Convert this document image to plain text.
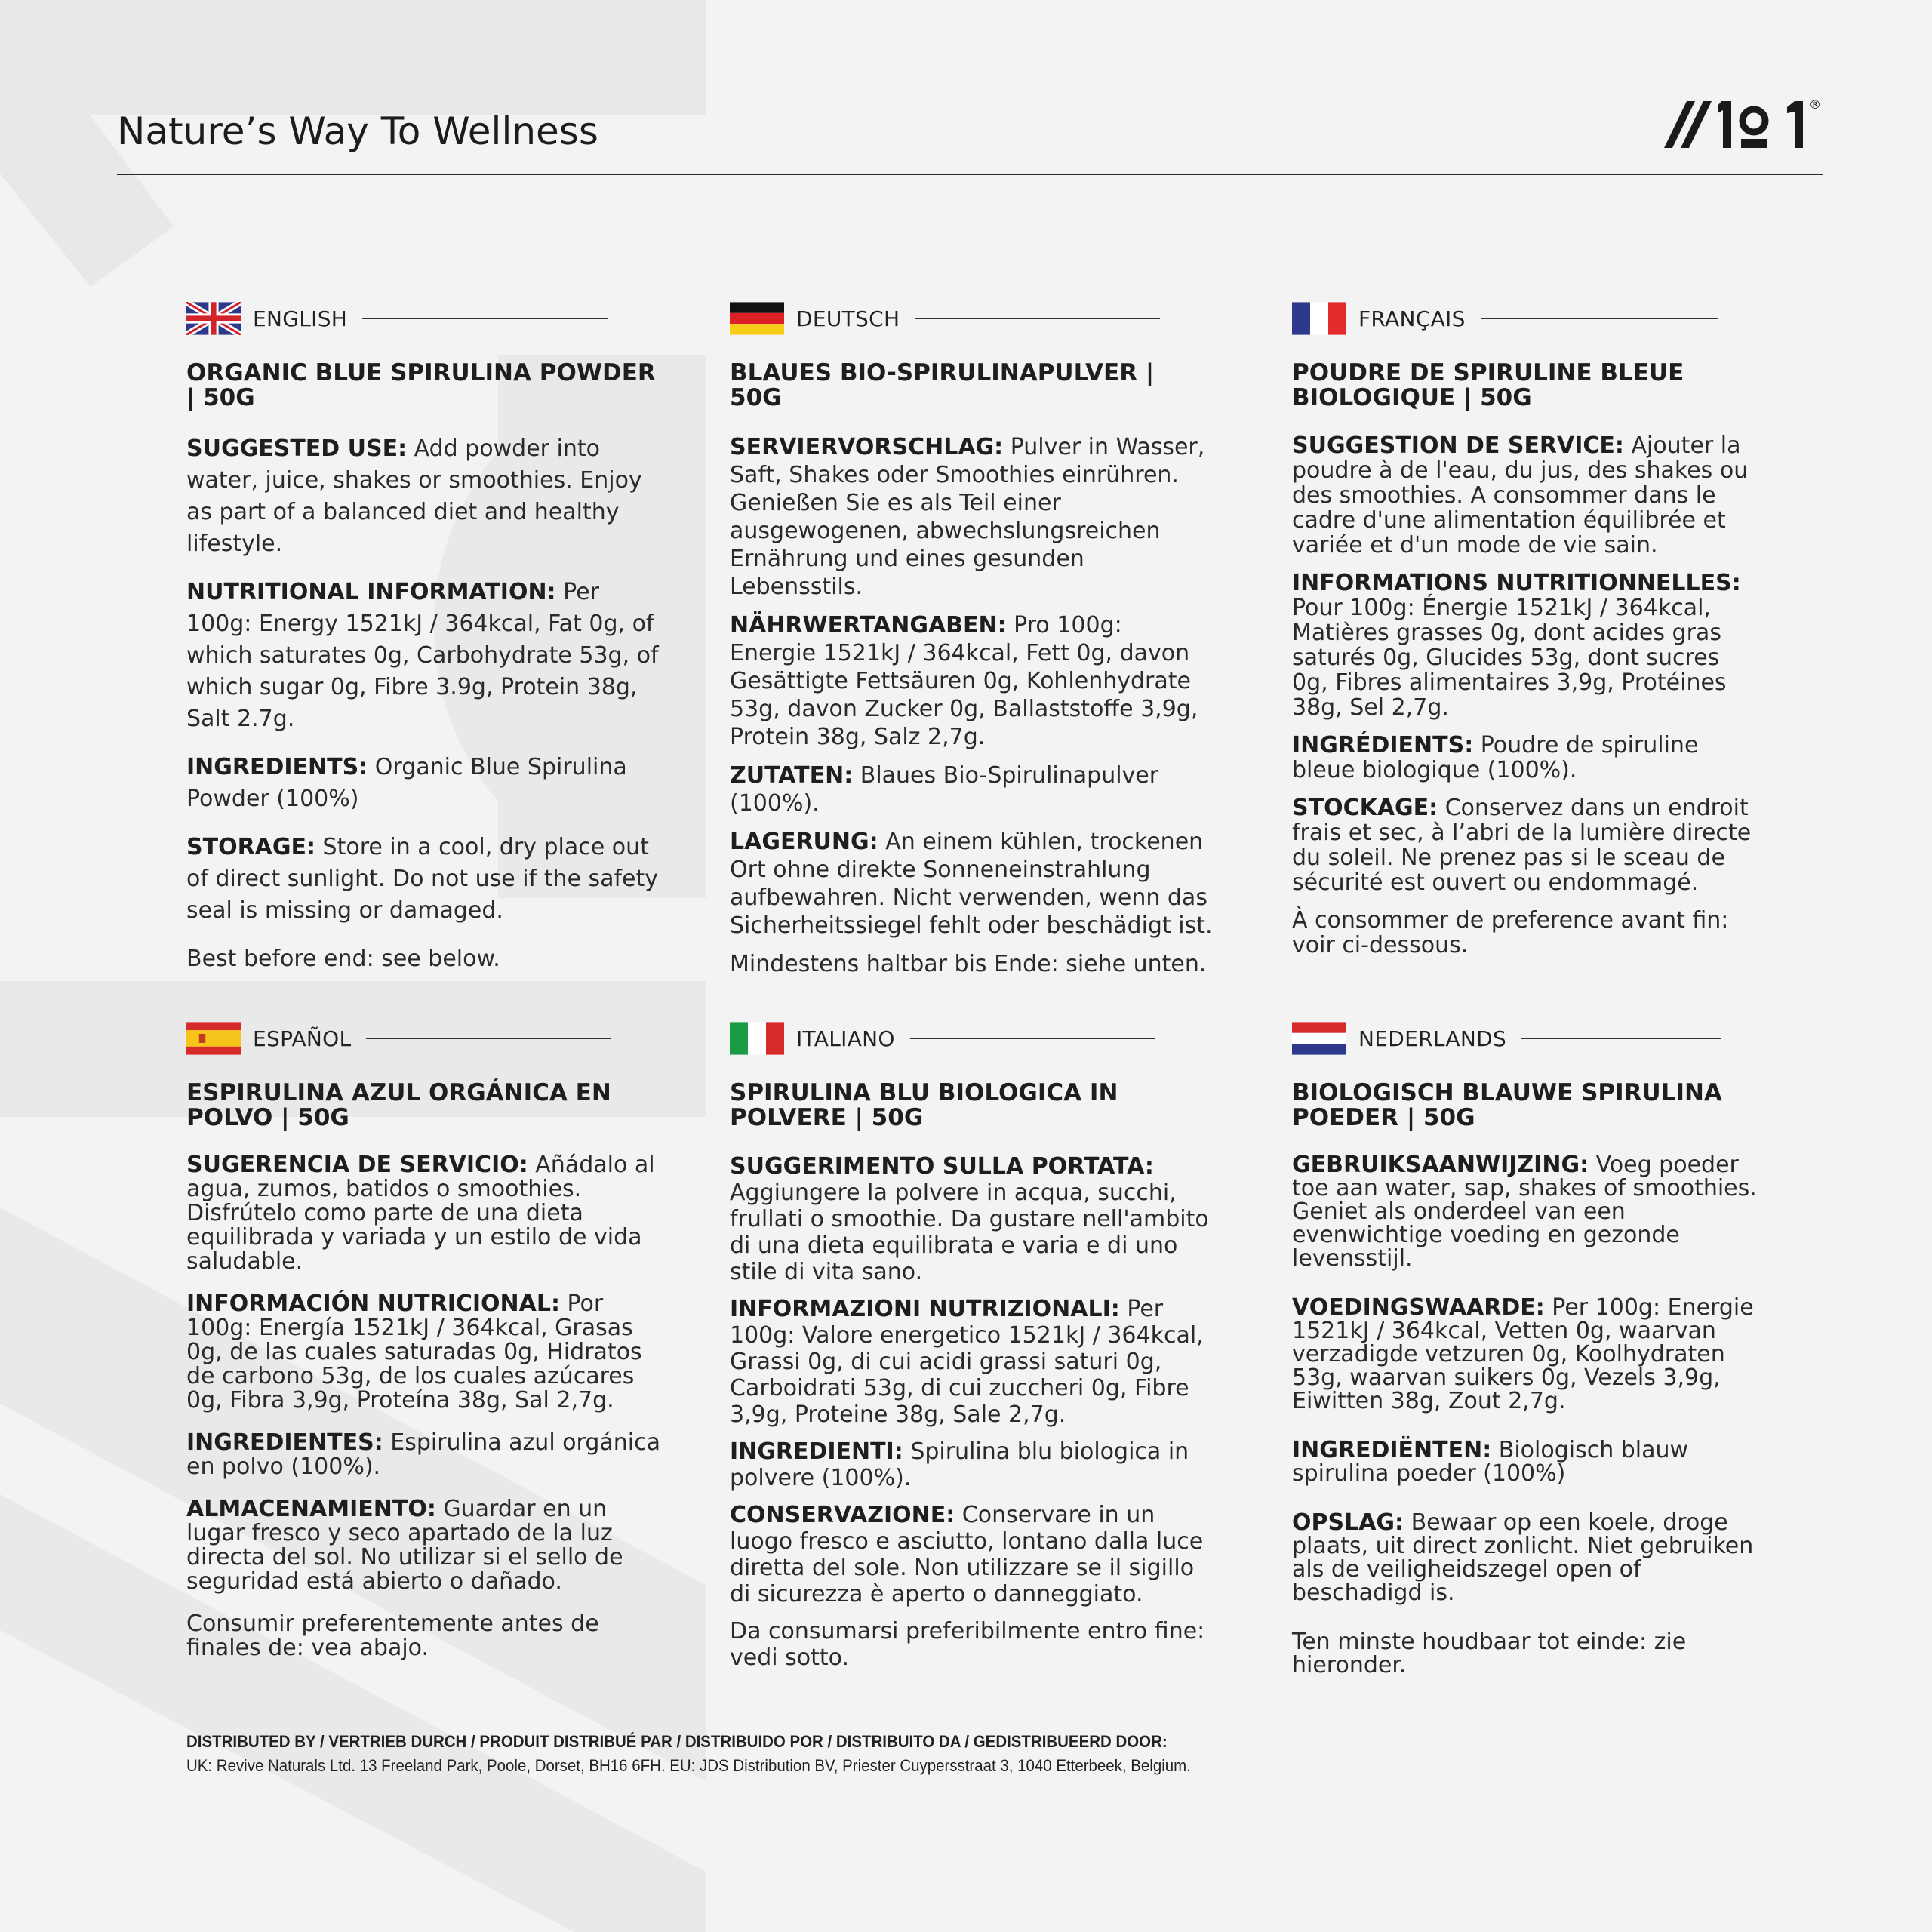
Nature’s Way To Wellness
®
ENGLISH
ORGANIC BLUE SPIRULINA POWDER | 50G

SUGGESTED USE: Add powder into water, juice, shakes or smoothies. Enjoy as part of a balanced diet and healthy lifestyle.

NUTRITIONAL INFORMATION: Per 100g: Energy 1521kJ / 364kcal, Fat 0g, of which saturates 0g, Carbohydrate 53g, of which sugar 0g, Fibre 3.9g, Protein 38g, Salt 2.7g.

INGREDIENTS: Organic Blue Spirulina Powder (100%)

STORAGE: Store in a cool, dry place out of direct sunlight. Do not use if the safety seal is missing or damaged.

Best before end: see below.

DEUTSCH
BLAUES BIO-SPIRULINAPULVER | 50G

SERVIERVORSCHLAG: Pulver in Wasser, Saft, Shakes oder Smoothies einrühren. Genießen Sie es als Teil einer ausgewogenen, abwechslungsreichen Ernährung und eines gesunden Lebensstils.

NÄHRWERTANGABEN: Pro 100g: Energie 1521kJ / 364kcal, Fett 0g, davon Gesättigte Fettsäuren 0g, Kohlenhydrate 53g, davon Zucker 0g, Ballaststoffe 3,9g, Protein 38g, Salz 2,7g.

ZUTATEN: Blaues Bio-Spirulinapulver (100%).

LAGERUNG: An einem kühlen, trockenen Ort ohne direkte Sonneneinstrahlung aufbewahren. Nicht verwenden, wenn das Sicherheitssiegel fehlt oder beschädigt ist.

Mindestens haltbar bis Ende: siehe unten.

FRANÇAIS
POUDRE DE SPIRULINE BLEUE BIOLOGIQUE | 50G

SUGGESTION DE SERVICE: Ajouter la poudre à de l'eau, du jus, des shakes ou des smoothies. A consommer dans le cadre d'une alimentation équilibrée et variée et d'un mode de vie sain.

INFORMATIONS NUTRITIONNELLES: Pour 100g: Énergie 1521kJ / 364kcal, Matières grasses 0g, dont acides gras saturés 0g, Glucides 53g, dont sucres 0g, Fibres alimentaires 3,9g, Protéines 38g, Sel 2,7g.

INGRÉDIENTS: Poudre de spiruline bleue biologique (100%).

STOCKAGE: Conservez dans un endroit frais et sec, à l’abri de la lumière directe du soleil. Ne prenez pas si le sceau de sécurité est ouvert ou endommagé.

À consommer de preference avant fin: voir ci-dessous.

ESPAÑOL
ESPIRULINA AZUL ORGÁNICA EN POLVO | 50G

SUGERENCIA DE SERVICIO: Añádalo al agua, zumos, batidos o smoothies. Disfrútelo como parte de una dieta equilibrada y variada y un estilo de vida saludable.

INFORMACIÓN NUTRICIONAL: Por 100g: Energía 1521kJ / 364kcal, Grasas 0g, de las cuales saturadas 0g, Hidratos de carbono 53g, de los cuales azúcares 0g, Fibra 3,9g, Proteína 38g, Sal 2,7g.

INGREDIENTES: Espirulina azul orgánica en polvo (100%).

ALMACENAMIENTO: Guardar en un lugar fresco y seco apartado de la luz directa del sol. No utilizar si el sello de seguridad está abierto o dañado.

Consumir preferentemente antes de finales de: vea abajo.

ITALIANO
SPIRULINA BLU BIOLOGICA IN POLVERE | 50G

SUGGERIMENTO SULLA PORTATA: Aggiungere la polvere in acqua, succhi, frullati o smoothie. Da gustare nell'ambito di una dieta equilibrata e varia e di uno stile di vita sano.

INFORMAZIONI NUTRIZIONALI: Per 100g: Valore energetico 1521kJ / 364kcal, Grassi 0g, di cui acidi grassi saturi 0g, Carboidrati 53g, di cui zuccheri 0g, Fibre 3,9g, Proteine 38g, Sale 2,7g.

INGREDIENTI: Spirulina blu biologica in polvere (100%).

CONSERVAZIONE: Conservare in un luogo fresco e asciutto, lontano dalla luce diretta del sole. Non utilizzare se il sigillo di sicurezza è aperto o danneggiato.

Da consumarsi preferibilmente entro fine: vedi sotto.

NEDERLANDS
BIOLOGISCH BLAUWE SPIRULINA POEDER | 50G

GEBRUIKSAANWIJZING: Voeg poeder toe aan water, sap, shakes of smoothies. Geniet als onderdeel van een evenwichtige voeding en gezonde levensstijl.

VOEDINGSWAARDE: Per 100g: Energie 1521kJ / 364kcal, Vetten 0g, waarvan verzadigde vetzuren 0g, Koolhydraten 53g, waarvan suikers 0g, Vezels 3,9g, Eiwitten 38g, Zout 2,7g.

INGREDIËNTEN: Biologisch blauw spirulina poeder (100%)

OPSLAG: Bewaar op een koele, droge plaats, uit direct zonlicht. Niet gebruiken als de veiligheidszegel open of beschadigd is.

Ten minste houdbaar tot einde: zie hieronder.

DISTRIBUTED BY / VERTRIEB DURCH / PRODUIT DISTRIBUÉ PAR / DISTRIBUIDO POR / DISTRIBUITO DA / GEDISTRIBUEERD DOOR:
UK: Revive Naturals Ltd. 13 Freeland Park, Poole, Dorset, BH16 6FH. EU: JDS Distribution BV, Priester Cuypersstraat 3, 1040 Etterbeek, Belgium.
